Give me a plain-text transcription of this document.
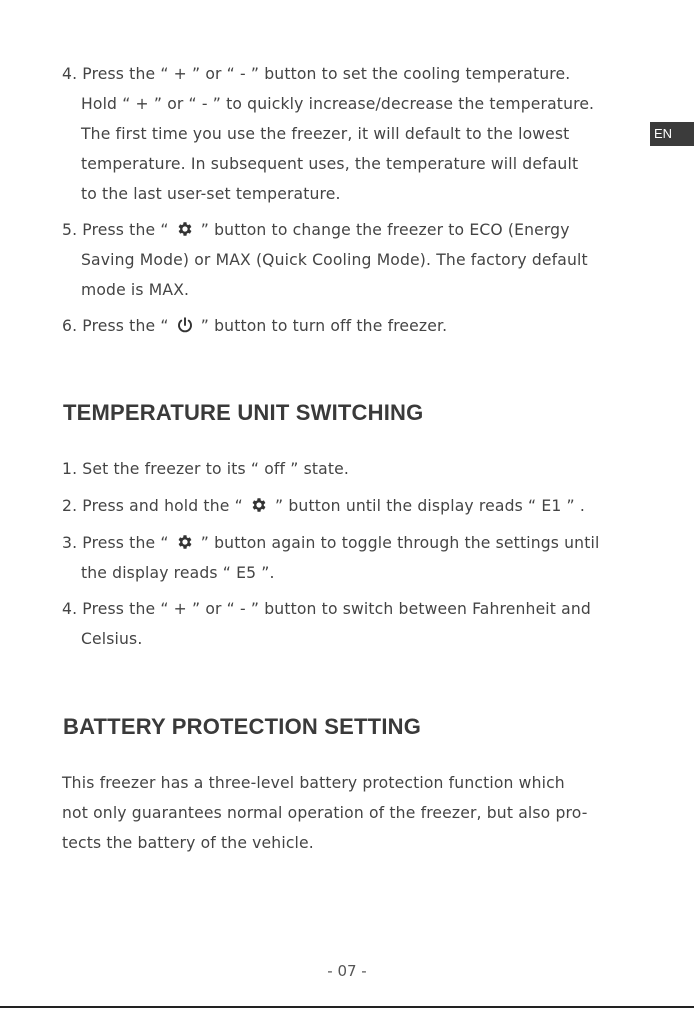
EN
4. Press the “ + ” or “ - ” button to set the cooling temperature.
Hold “ + ” or “ - ” to quickly increase/decrease the temperature.
The first time you use the freezer, it will default to the lowest
temperature. In subsequent uses, the temperature will default
to the last user-set temperature.
5. Press the “ ” button to change the freezer to ECO (Energy
Saving Mode) or MAX (Quick Cooling Mode). The factory default
mode is MAX.
6. Press the “ ” button to turn off the freezer.
TEMPERATURE UNIT SWITCHING
1. Set the freezer to its “ off ” state.
2. Press and hold the “ ” button until the display reads “ E1 ” .
3. Press the “ ” button again to toggle through the settings until
the display reads “ E5 ”.
4. Press the “ + ” or “ - ” button to switch between Fahrenheit and
Celsius.
BATTERY PROTECTION SETTING
This freezer has a three-level battery protection function which
not only guarantees normal operation of the freezer, but also pro-
tects the battery of the vehicle.
- 07 -
